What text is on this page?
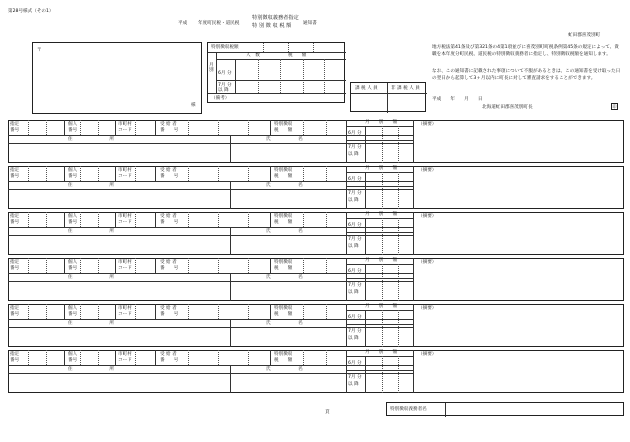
第28号様式（その1）
平成 年度町民税・道民税
特別徴収義務者指定
特 別 徴 収 税 額	通知書
虻田郡喜茂別町
〒
様
特別徴収税額
人　数	税　　額
月別
6月 分
7月 分
以 降
（備考）
課 税 人 員	非 課 税 人 員
地方税法第41条及び第321条の4第1項並びに喜茂別町町税条例第45条の規定によって、貴職を本年度分町民税、道民税の特別徴収義務者に指定し、特別徴収税額を通知します。
なお、この通知書に記載された事項について不服があるときは、この通知書を受け取った日の翌日から起算して3ヶ月以内に町長に対して審査請求をすることができます。
平成　　年　　月　　日
北海道虻田郡喜茂別町長	印
指定
番号
個人
番号
市町村
コード
受 給 者
番　　号
特別徴収
税　　額
月　　別　　額
6月 分
7月 分
以 降
（摘要）
住　　　　　　　　所	氏　　　　　　名
指定
番号
個人
番号
市町村
コード
受 給 者
番　　号
特別徴収
税　　額
月　　別　　額
6月 分
7月 分
以 降
（摘要）
住　　　　　　　　所	氏　　　　　　名
指定
番号
個人
番号
市町村
コード
受 給 者
番　　号
特別徴収
税　　額
月　　別　　額
6月 分
7月 分
以 降
（摘要）
住　　　　　　　　所	氏　　　　　　名
指定
番号
個人
番号
市町村
コード
受 給 者
番　　号
特別徴収
税　　額
月　　別　　額
6月 分
7月 分
以 降
（摘要）
住　　　　　　　　所	氏　　　　　　名
指定
番号
個人
番号
市町村
コード
受 給 者
番　　号
特別徴収
税　　額
月　　別　　額
6月 分
7月 分
以 降
（摘要）
住　　　　　　　　所	氏　　　　　　名
指定
番号
個人
番号
市町村
コード
受 給 者
番　　号
特別徴収
税　　額
月　　別　　額
6月 分
7月 分
以 降
（摘要）
住　　　　　　　　所	氏　　　　　　名
頁
特別徴収義務者名
